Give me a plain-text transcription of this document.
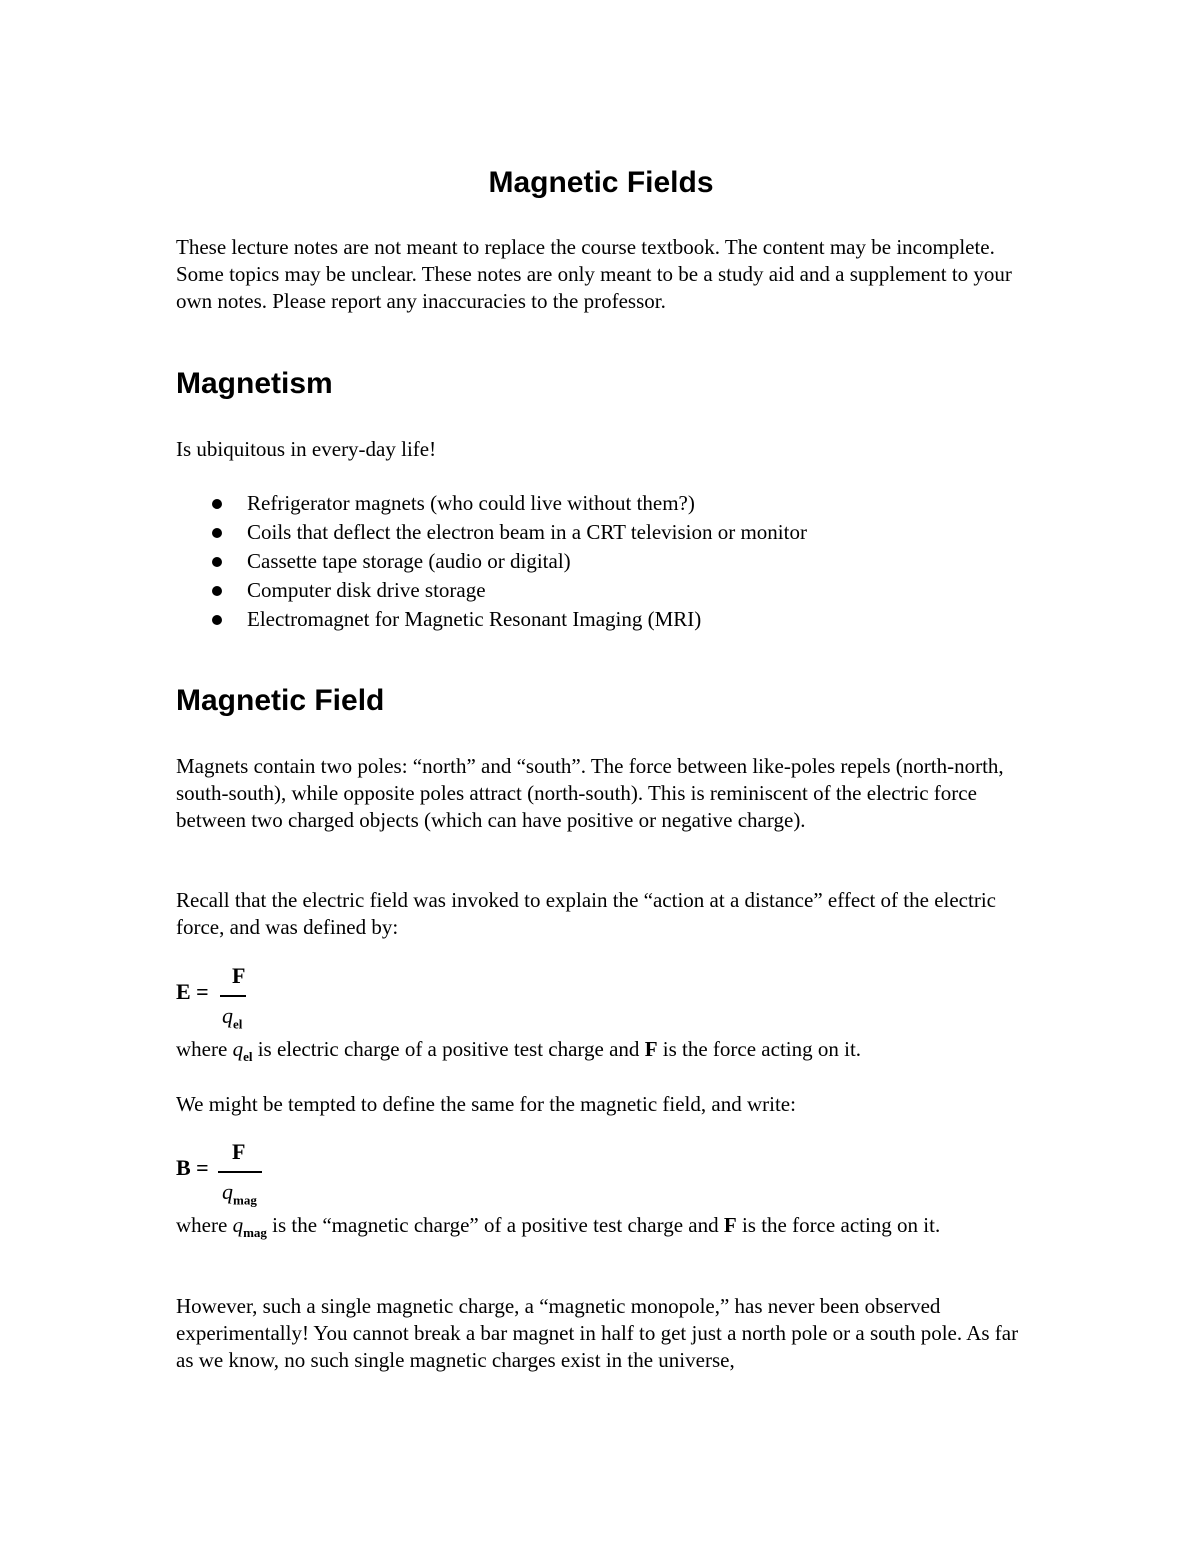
Magnetic Fields

These lecture notes are not meant to replace the course textbook. The content may be incomplete. Some topics may be unclear. These notes are only meant to be a study aid and a supplement to your own notes. Please report any inaccuracies to the professor.

Magnetism

Is ubiquitous in every-day life!

Refrigerator magnets (who could live without them?)
Coils that deflect the electron beam in a CRT television or monitor
Cassette tape storage (audio or digital)
Computer disk drive storage
Electromagnet for Magnetic Resonant Imaging (MRI)
Magnetic Field

Magnets contain two poles: “north” and “south”. The force between like-poles repels (north-north, south-south), while opposite poles attract (north-south). This is reminiscent of the electric force between two charged objects (which can have positive or negative charge).

Recall that the electric field was invoked to explain the “action at a distance” effect of the electric force, and was defined by:

E =
F
$q_{el}$

where $q_{el}$ is electric charge of a positive test charge and F is the force acting on it.

We might be tempted to define the same for the magnetic field, and write:

B =
F
$q_{mag}$

where $q_{mag}$ is the “magnetic charge” of a positive test charge and F is the force acting on it.

However, such a single magnetic charge, a “magnetic monopole,” has never been observed experimentally! You cannot break a bar magnet in half to get just a north pole or a south pole. As far as we know, no such single magnetic charges exist in the universe,
